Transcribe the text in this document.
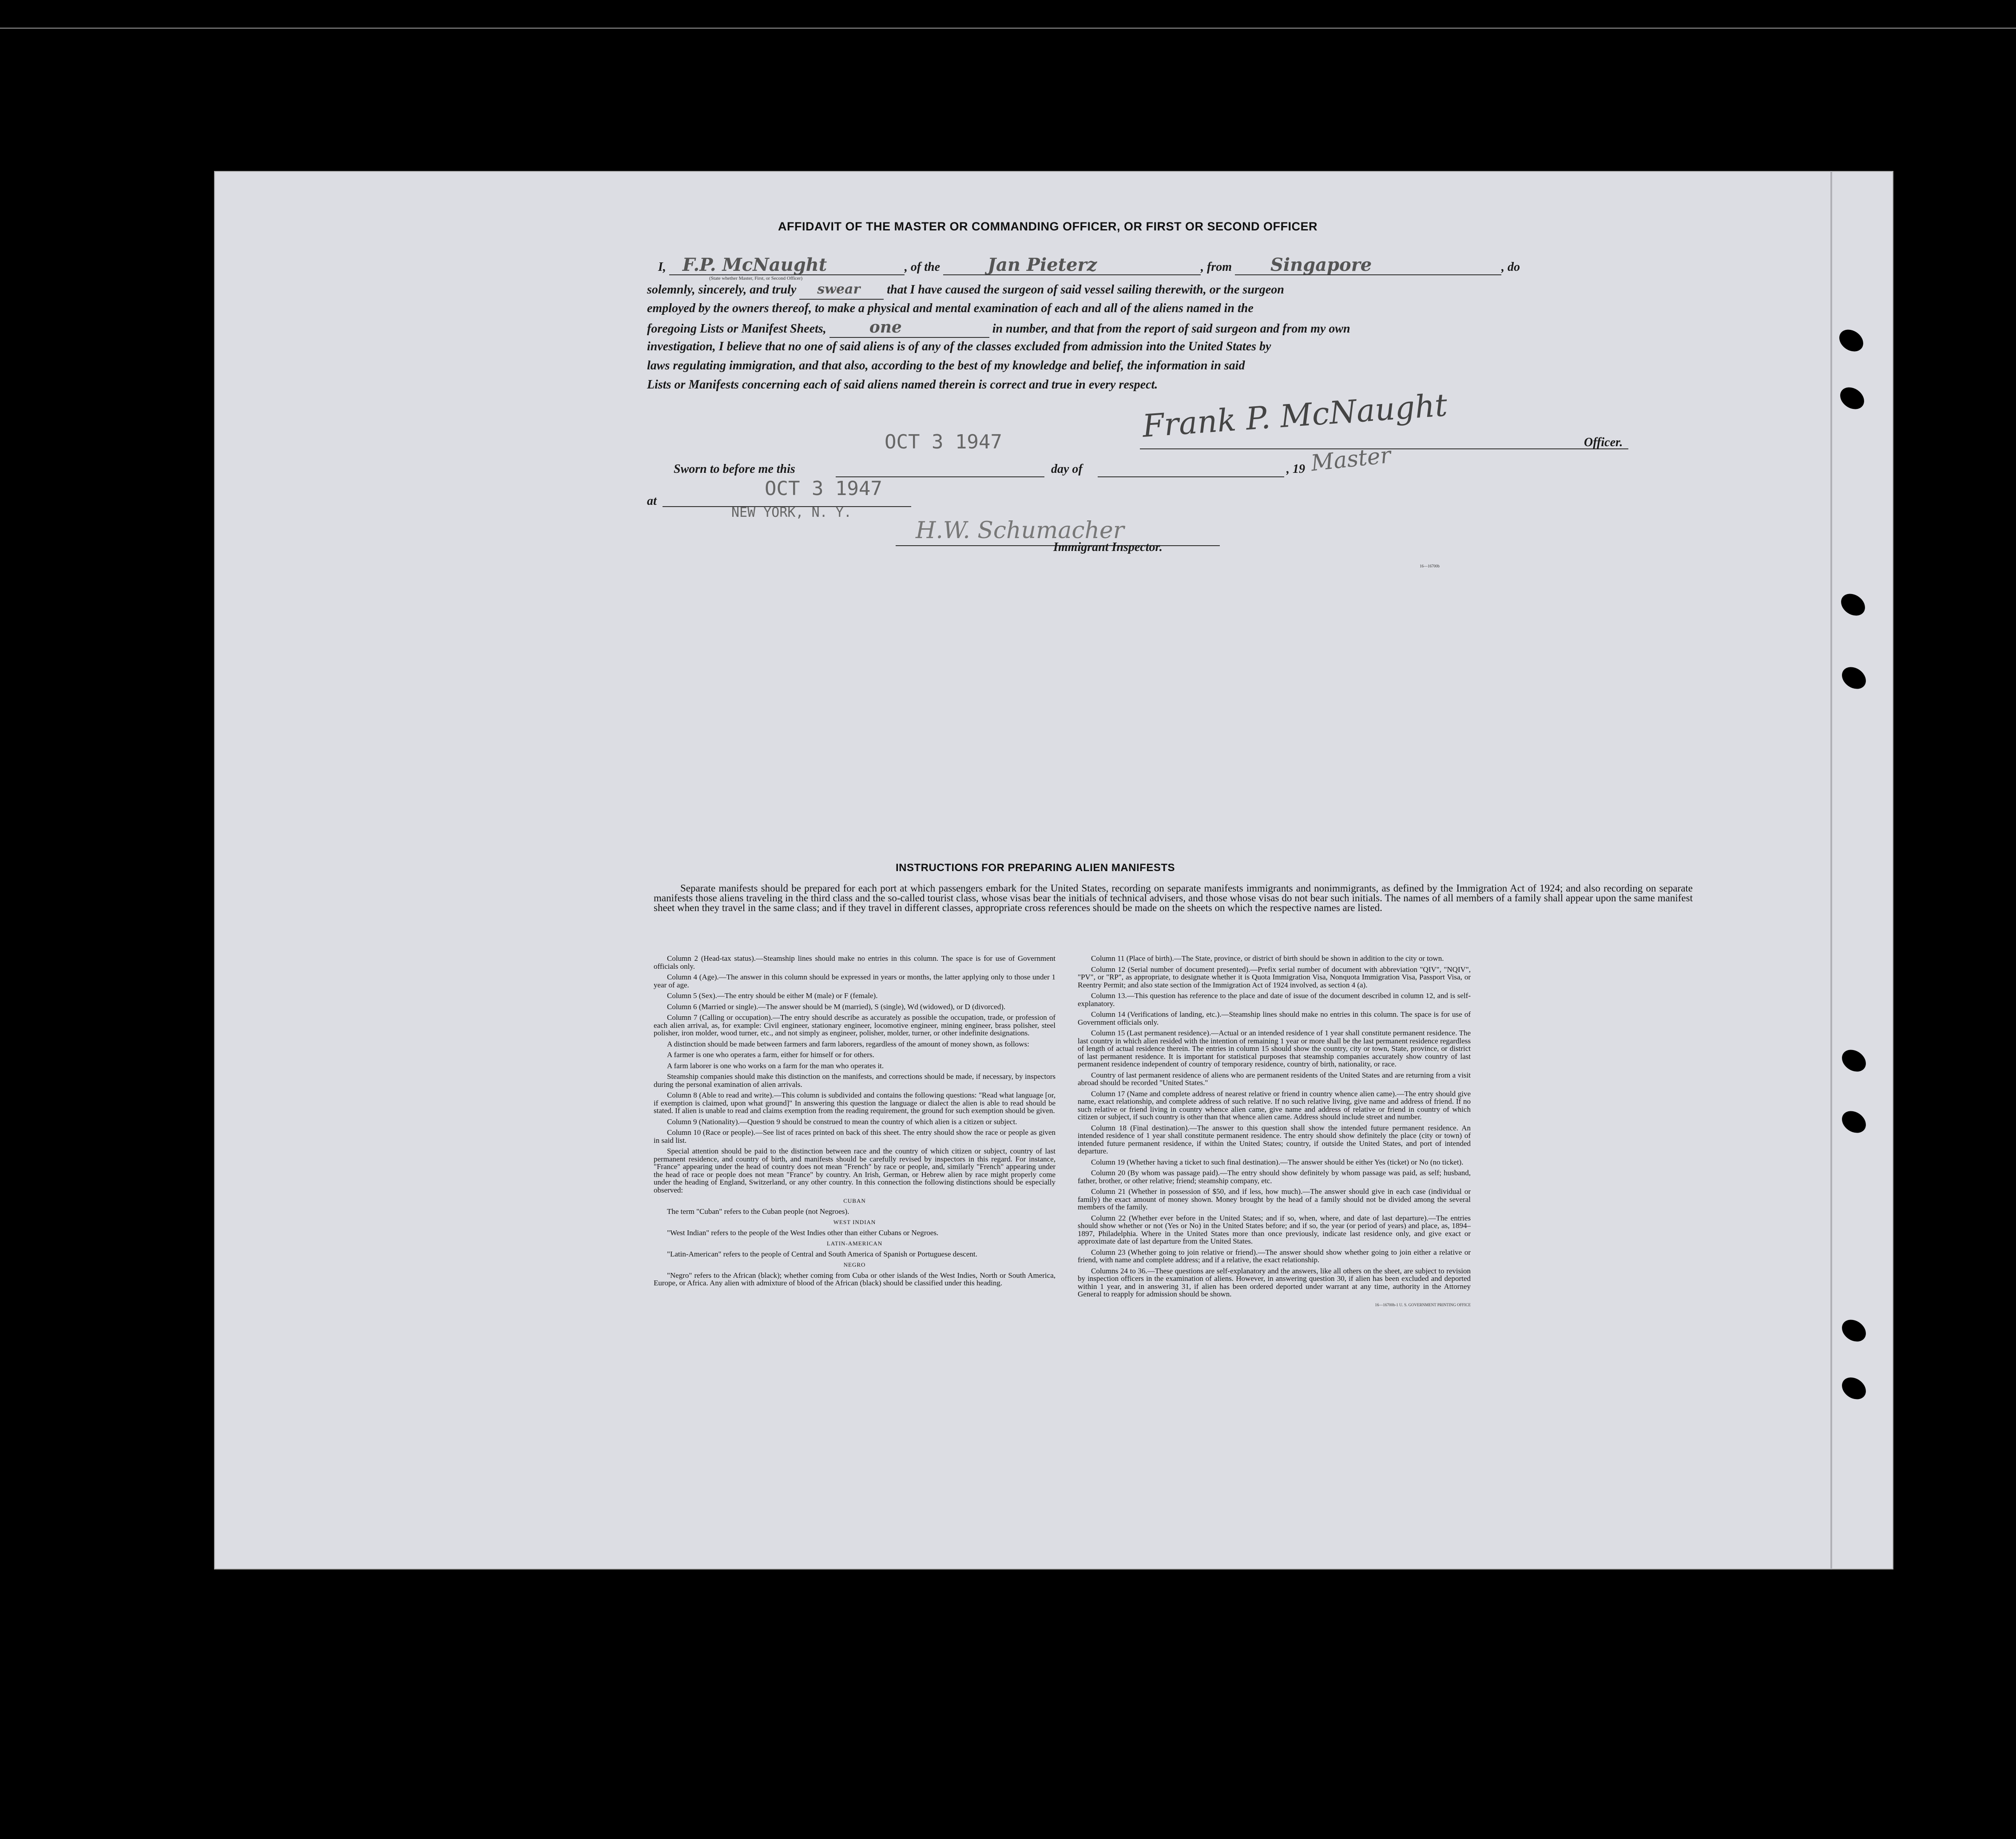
AFFIDAVIT OF THE MASTER OR COMMANDING OFFICER, OR FIRST OR SECOND OFFICER
I, F.P. McNaught	, of the	Jan Pieterz	, from Singapore	, do
(State whether Master, First, or Second Officer)
solemnly, sincerely, and truly swear that I have caused the surgeon of said vessel sailing therewith, or the surgeon
employed by the owners thereof, to make a physical and mental examination of each and all of the aliens named in the
foregoing Lists or Manifest Sheets,	one	in number, and that from the report of said surgeon and from my own
investigation, I believe that no one of said aliens is of any of the classes excluded from admission into the United States by
laws regulating immigration, and that also, according to the best of my knowledge and belief, the information in said
Lists or Manifests concerning each of said aliens named therein is correct and true in every respect.
Frank P. McNaught	Officer.
Master
OCT 3 1947
Sworn to before me this	day of	, 19
at
OCT 3 1947
NEW YORK, N. Y.
H.W. Schumacher
Immigrant Inspector.
16—16700b
INSTRUCTIONS FOR PREPARING ALIEN MANIFESTS
Separate manifests should be prepared for each port at which passengers embark for the United States, recording on separate manifests immigrants and nonimmigrants, as defined by the Immigration Act of 1924; and also recording on separate manifests those aliens traveling in the third class and the so-called tourist class, whose visas bear the initials of technical advisers, and those whose visas do not bear such initials. The names of all members of a family shall appear upon the same manifest sheet when they travel in the same class; and if they travel in different classes, appropriate cross references should be made on the sheets on which the respective names are listed.

Column 2 (Head-tax status).—Steamship lines should make no entries in this column. The space is for use of Government officials only.

Column 4 (Age).—The answer in this column should be expressed in years or months, the latter applying only to those under 1 year of age.

Column 5 (Sex).—The entry should be either M (male) or F (female).

Column 6 (Married or single).—The answer should be M (married), S (single), Wd (widowed), or D (divorced).

Column 7 (Calling or occupation).—The entry should describe as accurately as possible the occupation, trade, or profession of each alien arrival, as, for example: Civil engineer, stationary engineer, locomotive engineer, mining engineer, brass polisher, steel polisher, iron molder, wood turner, etc., and not simply as engineer, polisher, molder, turner, or other indefinite designations.

A distinction should be made between farmers and farm laborers, regardless of the amount of money shown, as follows:

A farmer is one who operates a farm, either for himself or for others.

A farm laborer is one who works on a farm for the man who operates it.

Steamship companies should make this distinction on the manifests, and corrections should be made, if necessary, by inspectors during the personal examination of alien arrivals.

Column 8 (Able to read and write).—This column is subdivided and contains the following questions: "Read what language [or, if exemption is claimed, upon what ground]" In answering this question the language or dialect the alien is able to read should be stated. If alien is unable to read and claims exemption from the reading requirement, the ground for such exemption should be given.

Column 9 (Nationality).—Question 9 should be construed to mean the country of which alien is a citizen or subject.

Column 10 (Race or people).—See list of races printed on back of this sheet. The entry should show the race or people as given in said list.

Special attention should be paid to the distinction between race and the country of which citizen or subject, country of last permanent residence, and country of birth, and manifests should be carefully revised by inspectors in this regard. For instance, "France" appearing under the head of country does not mean "French" by race or people, and, similarly "French" appearing under the head of race or people does not mean "France" by country. An Irish, German, or Hebrew alien by race might properly come under the heading of England, Switzerland, or any other country. In this connection the following distinctions should be especially observed:

CUBAN

The term "Cuban" refers to the Cuban people (not Negroes).

WEST INDIAN

"West Indian" refers to the people of the West Indies other than either Cubans or Negroes.

LATIN-AMERICAN

"Latin-American" refers to the people of Central and South America of Spanish or Portuguese descent.

NEGRO

"Negro" refers to the African (black); whether coming from Cuba or other islands of the West Indies, North or South America, Europe, or Africa. Any alien with admixture of blood of the African (black) should be classified under this heading.

Column 11 (Place of birth).—The State, province, or district of birth should be shown in addition to the city or town.

Column 12 (Serial number of document presented).—Prefix serial number of document with abbreviation "QIV", "NQIV", "PV", or "RP", as appropriate, to designate whether it is Quota Immigration Visa, Nonquota Immigration Visa, Passport Visa, or Reentry Permit; and also state section of the Immigration Act of 1924 involved, as section 4 (a).

Column 13.—This question has reference to the place and date of issue of the document described in column 12, and is self-explanatory.

Column 14 (Verifications of landing, etc.).—Steamship lines should make no entries in this column. The space is for use of Government officials only.

Column 15 (Last permanent residence).—Actual or an intended residence of 1 year shall constitute permanent residence. The last country in which alien resided with the intention of remaining 1 year or more shall be the last permanent residence regardless of length of actual residence therein. The entries in column 15 should show the country, city or town, State, province, or district of last permanent residence. It is important for statistical purposes that steamship companies accurately show country of last permanent residence independent of country of temporary residence, country of birth, nationality, or race.

Country of last permanent residence of aliens who are permanent residents of the United States and are returning from a visit abroad should be recorded "United States."

Column 17 (Name and complete address of nearest relative or friend in country whence alien came).—The entry should give name, exact relationship, and complete address of such relative. If no such relative living, give name and address of friend. If no such relative or friend living in country whence alien came, give name and address of relative or friend in country of which citizen or subject, if such country is other than that whence alien came. Address should include street and number.

Column 18 (Final destination).—The answer to this question shall show the intended future permanent residence. An intended residence of 1 year shall constitute permanent residence. The entry should show definitely the place (city or town) of intended future permanent residence, if within the United States; country, if outside the United States, and port of intended departure.

Column 19 (Whether having a ticket to such final destination).—The answer should be either Yes (ticket) or No (no ticket).

Column 20 (By whom was passage paid).—The entry should show definitely by whom passage was paid, as self; husband, father, brother, or other relative; friend; steamship company, etc.

Column 21 (Whether in possession of $50, and if less, how much).—The answer should give in each case (individual or family) the exact amount of money shown. Money brought by the head of a family should not be divided among the several members of the family.

Column 22 (Whether ever before in the United States; and if so, when, where, and date of last departure).—The entries should show whether or not (Yes or No) in the United States before; and if so, the year (or period of years) and place, as, 1894–1897, Philadelphia. Where in the United States more than once previously, indicate last residence only, and give exact or approximate date of last departure from the United States.

Column 23 (Whether going to join relative or friend).—The answer should show whether going to join either a relative or friend, with name and complete address; and if a relative, the exact relationship.

Columns 24 to 36.—These questions are self-explanatory and the answers, like all others on the sheet, are subject to revision by inspection officers in the examination of aliens. However, in answering question 30, if alien has been excluded and deported within 1 year, and in answering 31, if alien has been ordered deported under warrant at any time, authority in the Attorney General to reapply for admission should be shown.

16—16700b-1 U. S. GOVERNMENT PRINTING OFFICE
